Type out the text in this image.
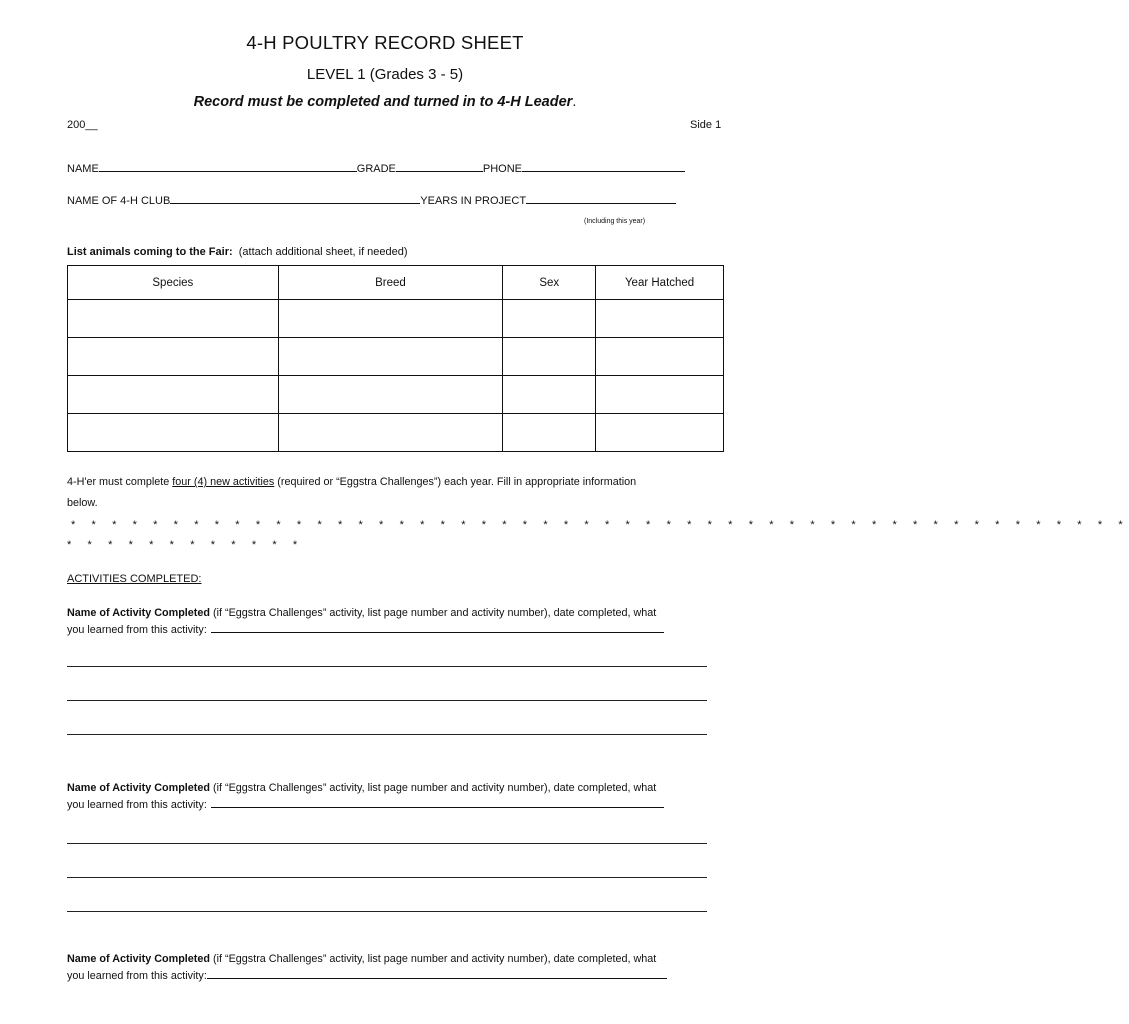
4-H POULTRY RECORD SHEET
LEVEL 1 (Grades 3 - 5)
Record must be completed and turned in to 4-H Leader.
200__	Side 1
NAME	GRADE	PHONE
NAME OF 4-H CLUB	YEARS IN PROJECT
(Including this year)
List animals coming to the Fair: (attach additional sheet, if needed)
Species	Breed	Sex	Year Hatched

4-H'er must complete four (4) new activities (required or “Eggstra Challenges”) each year. Fill in appropriate information
below.
* * * * * * * * * * * * * * * * * * * * * * * * * * * * * * * * * * * * * * * * * * * * * * * * * * * *
* * * * * * * * * * * *
ACTIVITIES COMPLETED:
Name of Activity Completed (if “Eggstra Challenges” activity, list page number and activity number), date completed, what
you learned from this activity:
Name of Activity Completed (if “Eggstra Challenges” activity, list page number and activity number), date completed, what
you learned from this activity:
Name of Activity Completed (if “Eggstra Challenges” activity, list page number and activity number), date completed, what
you learned from this activity:
